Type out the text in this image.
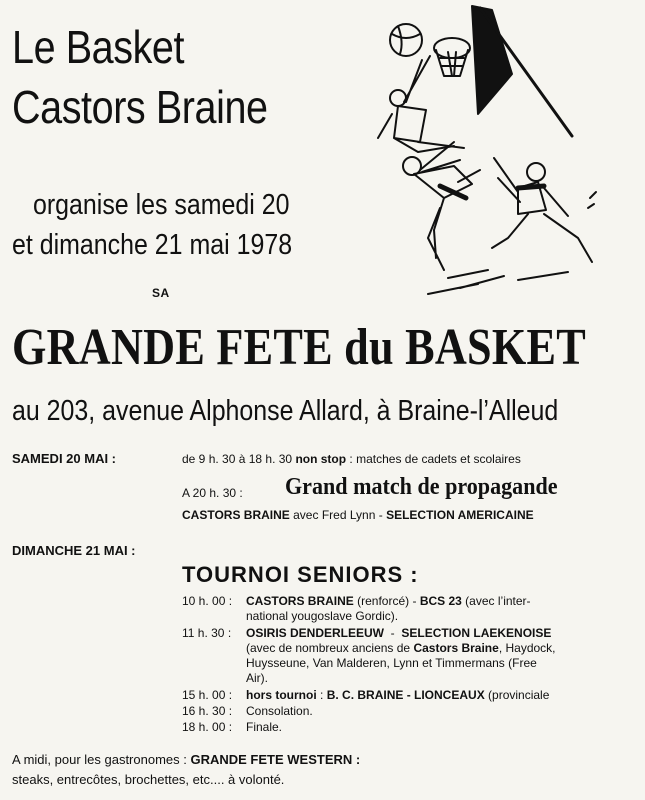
Le Basket
Castors Braine
organise les samedi 20
et dimanche 21 mai 1978
SA
GRANDE FETE du BASKET
au 203, avenue Alphonse Allard, à Braine-l’Alleud
SAMEDI 20 MAI :	de 9 h. 30 à 18 h. 30 non stop : matches de cadets et scolaires
A 20 h. 30 : Grand match de propagande
CASTORS BRAINE avec Fred Lynn - SELECTION AMERICAINE
DIMANCHE 21 MAI :
TOURNOI SENIORS :
10 h. 00 : CASTORS BRAINE (renforcé) - BCS 23 (avec l’inter-
national yougoslave Gordic).
11 h. 30 : OSIRIS DENDERLEEUW  -  SELECTION LAEKENOISE
(avec de nombreux anciens de Castors Braine, Haydock,
Huysseune, Van Malderen, Lynn et Timmermans (Free
Air).
15 h. 00 : hors tournoi : B. C. BRAINE - LIONCEAUX (provinciale
16 h. 30 : Consolation.
18 h. 00 : Finale.
A midi, pour les gastronomes : GRANDE FETE WESTERN :
steaks, entrecôtes, brochettes, etc.... à volonté.
